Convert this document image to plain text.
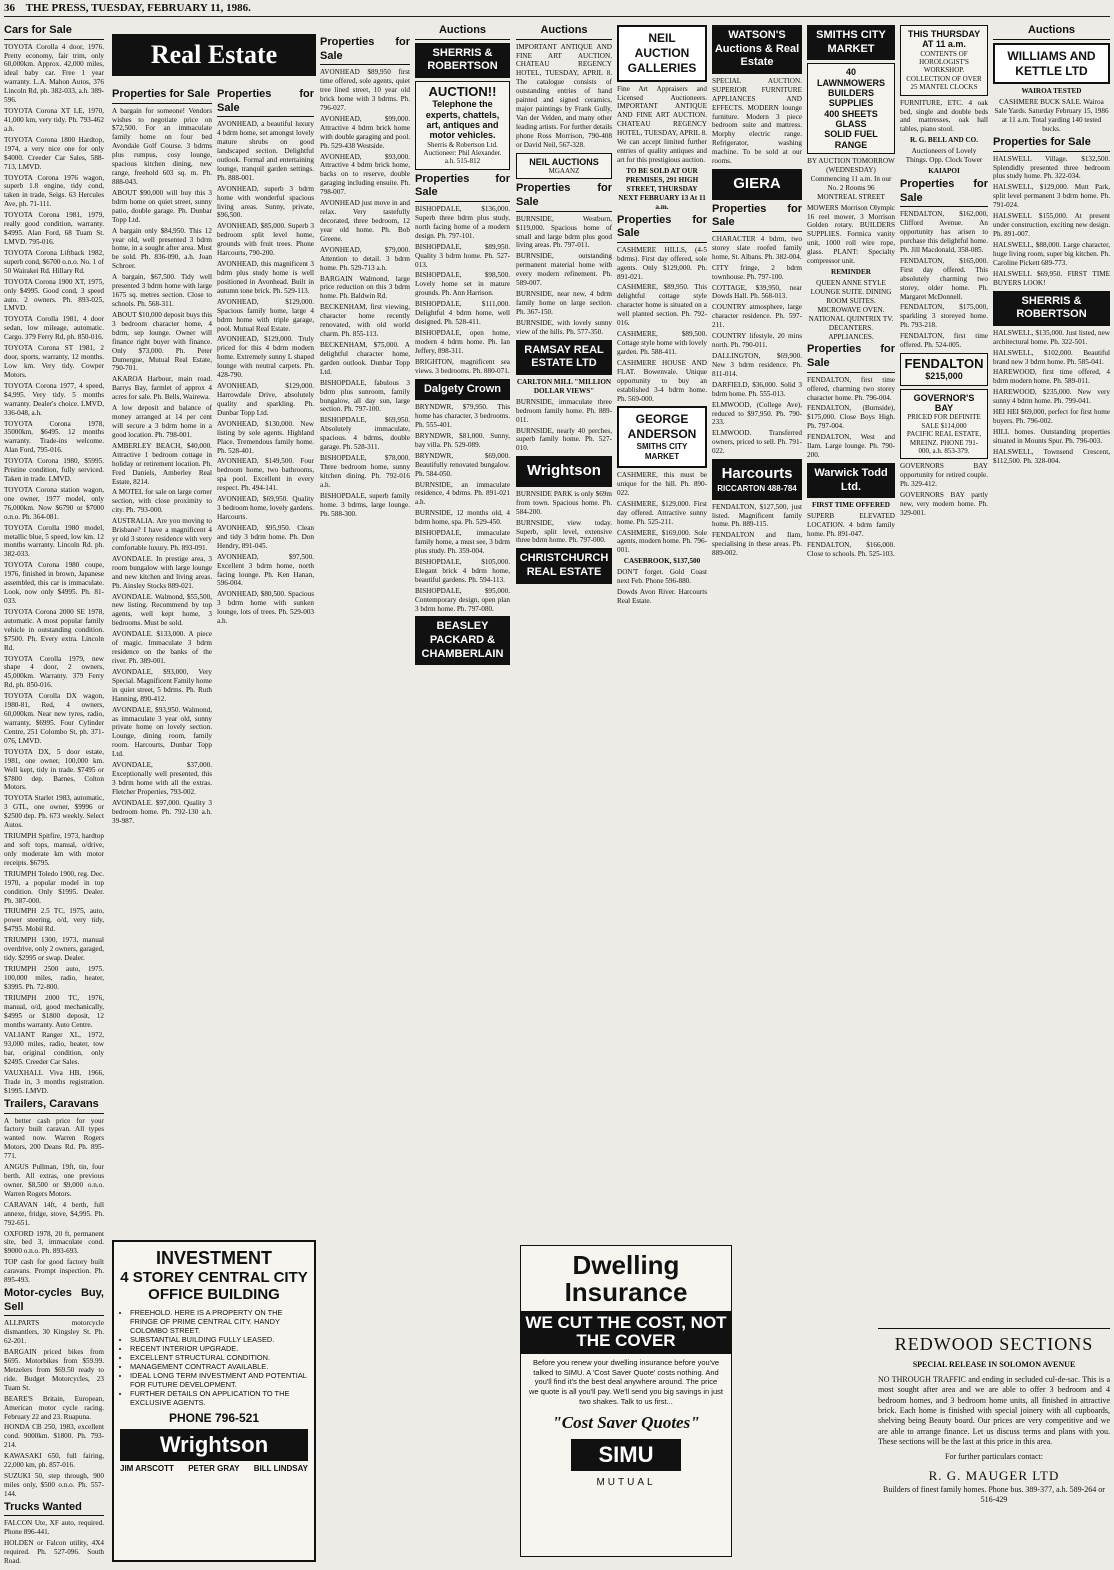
36 THE PRESS, TUESDAY, FEBRUARY 11, 1986.
Cars for Sale
TOYOTA Corolla 4 door, 1976. Pretty economy, fair trim, only 60,000km. Approx. 42,000 miles, ideal baby car. Free 1 year warranty. L.A. Mahon Autos, 376 Lincoln Rd, ph. 382-033, a.h. 389-596.
TOYOTA Corona XT LE, 1970, 41,000 km, very tidy. Ph. 793-462 a.h.
TOYOTA Corona 1800 Hardtop, 1974, a very nice one for only $4000. Creeder Car Sales, 588-713, LMVD.
TOYOTA Corona 1976 wagon, superb 1.8 engine, tidy cond, taken in trade, Seigs. 63 Hercules Ave, ph. 71-111.
TOYOTA Corona 1981, 1979, really good condition, warranty. $4995. Alan Ford, 68 Tuam St. LMVD. 795-016.
TOYOTA Corona Liftback 1982, superb cond, $6700 o.n.o. No. 1 of 50 Wairakei Rd. Hillary Rd.
TOYOTA Corona 1900 XT, 1975, only $4995. Good cond, 3 speed auto. 2 owners. Ph. 893-025, LMVD.
TOYOTA Corolla 1981, 4 door sedan, low mileage, automatic. Cargo. 379 Ferry Rd, ph. 850-016.
TOYOTA Corona ST 1981, 2 door, sports, warranty, 12 months. Low km. Very tidy. Cowper Motors.
TOYOTA Corona 1977, 4 speed, $4,995. Very tidy. 5 months warranty. Dealer's choice. LMVD, 336-048, a.h.
TOYOTA Corona 1978, 35000km, $6495. 12 months warranty. Trade-ins welcome. Alan Ford, 795-016.
TOYOTA Corona 1980, $5995. Pristine condition, fully serviced. Taken in trade. LMVD.
TOYOTA Corona station wagon, one owner, 1977 model, only 76,000km. Now $6790 or $7000 o.n.o. Ph. 364-081.
TOYOTA Corolla 1980 model, metallic blue, 5 speed, low km. 12 months warranty. Lincoln Rd. ph. 382-033.
TOYOTA Corona 1980 coupe, 1976, finished in brown, Japanese assembled, this car is immaculate. Look, now only $4995. Ph. 81-033.
TOYOTA Corona 2000 SE 1978, automatic. A most popular family vehicle in outstanding condition. $7500. Ph. Every extra. Lincoln Rd.
TOYOTA Corolla 1979, new shape 4 door, 2 owners, 45,000km. Warranty. 379 Ferry Rd, ph. 850-016.
TOYOTA Corolla DX wagon, 1980-81, Red, 4 owners, 60,000km. Near new tyres, radio, warranty, $6995. Four Cylinder Centre, 251 Colombo St, ph. 371-076, LMVD.
TOYOTA DX, 5 door estate, 1981, one owner, 100,000 km. Well kept, tidy in trade. $7495 or $7800 dep. Barnes, Colton Motors.
TOYOTA Starlet 1983, automatic, 3 GTL, one owner, $9996 or $2500 dep. Ph. 673 weekly. Select Autos.
TRIUMPH Spitfire, 1973, hardtop and soft tops, manual, o/drive, only moderate km with motor receipts. $6795.
TRIUMPH Toledo 1900, reg. Dec. 1970, a popular model in top condition. Only $1995. Dealer. Ph. 387-000.
TRIUMPH 2.5 TC, 1975, auto, power steering, o/d, very tidy, $4795. Mobil Rd.
TRIUMPH 1300, 1973, manual overdrive, only 2 owners, garaged, tidy. $2995 or swap. Dealer.
TRIUMPH 2500 auto, 1975. 100,000 miles, radio, heater, $3995. Ph. 72-800.
TRIUMPH 2000 TC, 1976, manual, o/d, good mechanically, $4995 or $1800 deposit, 12 months warranty. Auto Centre.
VALIANT Ranger XL, 1972, 93,000 miles, radio, heater, tow bar, original condition, only $2495. Creeder Car Sales.
VAUXHALL Viva HB, 1966, Trade in, 3 months registration. $1995. LMVD.
Trailers, Caravans
A better cash price for your factory built caravan. All types wanted now. Warren Rogers Motors, 200 Deans Rd. Ph. 895-771.
ANGUS Pullman, 19ft, tin, four berth. All extras, one previous owner. $8,500 or $9,000 o.n.o. Warren Rogers Motors.
CARAVAN 14ft, 4 berth, full annexe, fridge, stove, $4,995. Ph. 792-651.
OXFORD 1978, 20 ft, permanent site, bed 3, immaculate cond. $9000 o.n.o. Ph. 893-693.
TOP cash for good factory built caravans. Prompt inspection. Ph. 895-493.
Motor-cycles Buy, Sell
ALLPARTS motorcycle dismantlers, 30 Kingsley St. Ph. 62-201.
BARGAIN priced bikes from $695. Motorbikes from $59.99. Metzelers from $69.50 ready to ride. Budget Motorcycles, 23 Tuam St.
BEARE'S Britain, European, American motor cycle racing. February 22 and 23. Ruapuna.
HONDA CB 250, 1983, excellent cond. 9000km. $1800. Ph. 793-214.
KAWASAKI 650, full fairing, 22,000 km, ph. 857-016.
SUZUKI 50, step through, 900 miles only, $500 o.n.o. Ph. 557-144.
Trucks Wanted
FALCON Ute, XF auto, required. Phone 896-441.
HOLDEN or Falcon utility, 4X4 required. Ph. 527-096. South Road.
Real Estate
Properties for Sale
A bargain for someone! Vendors wishes to negotiate price on $72,500. For an immaculate family home on four bed Avondale Golf Course. 3 bdrms plus rumpus, cosy lounge, spacious kitchen dining, new range, freehold 603 sq. m. Ph. 888-043.
ABOUT $90,000 will buy this 3 bdrm home on quiet street, sunny patio, double garage. Ph. Dunbar Topp Ltd.
A bargain only $84,950. This 12 year old, well presented 3 bdrm home, in a sought after area. Must be sold. Ph. 836-090, a.h. Joan Schroer.
A bargain, $67,500. Tidy well presented 3 bdrm home with large 1675 sq. metres section. Close to schools. Ph. 568-311.
ABOUT $10,000 deposit buys this 3 bedroom character home, 4 bdrm, sep lounge. Owner will finance right buyer with finance. Only $73,000. Ph. Peter Dumergue, Mutual Real Estate, 790-701.
AKAROA Harbour, main road. Barrys Bay, farmlet of approx 4 acres for sale. Ph. Bells, Wairewa.
A low deposit and balance of money arranged at 14 per cent will secure a 3 bdrm home in a good location. Ph. 798-001.
AMBERLEY BEACH, $40,000. Attractive 1 bedroom cottage in holiday or retirement location. Ph. Fred Daniels, Amberley Real Estate, 8214.
A MOTEL for sale on large corner section, with close proximity to city. Ph. 793-000.
AUSTRALIA. Are you moving to Brisbane? I have a magnificent 4 yr old 3 storey residence with very comfortable luxury. Ph. 893-091.
AVONDALE. In prestige area, 3 room bungalow with large lounge and new kitchen and living areas. Ph. Ainsley Stocks 889-021.
AVONDALE. Walmond, $55,500, new listing. Recommend by top agents, well kept home, 3 bedrooms. Must be sold.
AVONDALE. $133,000. A piece of magic. Immaculate 3 bdrm residence on the banks of the river. Ph. 389-001.
AVONDALE, $93,000, Very Special. Magnificent Family home in quiet street, 5 bdrms. Ph. Ruth Hanning, 890-412.
AVONDALE, $93,950. Walmond, as immaculate 3 year old, sunny private home on lovely section. Lounge, dining room, family room. Harcourts, Dunbar Topp Ltd.
AVONDALE, $37,000. Exceptionally well presented, this 3 bdrm home with all the extras. Fletcher Properties, 793-002.
AVONDALE. $97,000. Quality 3 bedroom home. Ph. 792-130 a.h. 39-987.
Properties for Sale
AVONHEAD, a beautiful luxury 4 bdrm home, set amongst lovely mature shrubs on good landscaped section. Delightful outlook. Formal and entertaining lounge, tranquil garden settings. Ph. 888-001.
AVONHEAD, superb 3 bdrm home with wonderful spacious living areas. Sunny, private, $96,500.
AVONHEAD, $85,000. Superb 3 bedroom split level home, grounds with fruit trees. Phone Harcourts, 790-200.
AVONHEAD, this magnificent 3 bdrm plus study home is well positioned in Avonhead. Built in autumn tone brick. Ph. 529-113.
AVONHEAD, $129,000. Spacious family home, large 4 bdrm home with triple garage, pool. Mutual Real Estate.
AVONHEAD, $129,000. Truly priced for this 4 bdrm modern home. Extremely sunny L shaped lounge with neutral carpets. Ph. 428-790.
AVONHEAD, $129,000. Harrowdale Drive, absolutely quality and sparkling. Ph. Dunbar Topp Ltd.
AVONHEAD, $130,000. New listing by sole agents. Highland Place. Tremendous family home. Ph. 528-401.
AVONHEAD, $149,500. Four bedroom home, two bathrooms, spa pool. Excellent in every respect. Ph. 494-141.
AVONHEAD, $69,950. Quality 3 bedroom home, lovely gardens. Harcourts.
AVONHEAD, $95,950. Clean and tidy 3 bdrm home. Ph. Don Hendry, 891-045.
AVONHEAD, $97,500. Excellent 3 bdrm home, north facing lounge. Ph. Ken Hanan, 596-004.
AVONHEAD, $80,500. Spacious 3 bdrm home with sunken lounge, lots of trees. Ph. 529-003 a.h.
INVESTMENT
4 STOREY CENTRAL CITY OFFICE BUILDING
• FREEHOLD. HERE IS A PROPERTY ON THE FRINGE OF PRIME CENTRAL CITY. HANDY COLOMBO STREET.
• SUBSTANTIAL BUILDING FULLY LEASED.
• RECENT INTERIOR UPGRADE.
• EXCELLENT STRUCTURAL CONDITION.
• MANAGEMENT CONTRACT AVAILABLE.
• IDEAL LONG TERM INVESTMENT AND POTENTIAL FOR FUTURE DEVELOPMENT.
• FURTHER DETAILS ON APPLICATION TO THE EXCLUSIVE AGENTS.
PHONE 796-521
Wrightson
JIM ARSCOTT PETER GRAY BILL LINDSAY
Properties for Sale
AVONHEAD $89,950 first time offered, sole agents, quiet tree lined street, 10 year old brick home with 3 bdrms. Ph. 796-027.
AVONHEAD, $99,000. Attractive 4 bdrm brick home with double garaging and pool. Ph. 529-438 Westside.
AVONHEAD, $93,000. Attractive 4 bdrm brick home, backs on to reserve, double garaging including ensuite. Ph. 798-007.
AVONHEAD just move in and relax. Very tastefully decorated, three bedroom, 12 year old home. Ph. Bob Greene.
AVONHEAD, $79,000. Attention to detail. 3 bdrm home. Ph. 529-713 a.h.
BARGAIN Walmond, large price reduction on this 3 bdrm home. Ph. Baldwin Rd.
BECKENHAM, first viewing, character home recently renovated, with old world charm. Ph. 855-113.
BECKENHAM, $75,000. A delightful character home, garden outlook. Dunbar Topp Ltd.
BISHOPDALE, fabulous 3 bdrm plus sunroom, family bungalow, all day sun, large section. Ph. 797-100.
BISHOPDALE, $69,950. Absolutely immaculate, spacious. 4 bdrms, double garage. Ph. 528-311.
BISHOPDALE, $78,000. Three bedroom home, sunny kitchen dining. Ph. 792-016 a.h.
BISHOPDALE, superb family home. 3 bdrms, large lounge. Ph. 588-300.
Auctions
SHERRIS & ROBERTSON
AUCTION!!
Telephone the experts, chattels, art, antiques and motor vehicles.
Sherris & Robertson Ltd. Auctioneer: Phil Alexander. a.h. 515-812
Properties for Sale
BISHOPDALE, $136,000. Superb three bdrm plus study, north facing home of a modern design. Ph. 797-101.
BISHOPDALE, $89,950. Quality 3 bdrm home. Ph. 527-013.
BISHOPDALE, $98,500. Lovely home set in mature grounds. Ph. Ann Harrison.
BISHOPDALE, $111,000. Delightful 4 bdrm home, well designed. Ph. 528-411.
BISHOPDALE, open home, modern 4 bdrm home. Ph. Ian Jeffery, 898-311.
BRIGHTON, magnificent sea views. 3 bedrooms. Ph. 880-071.
Dalgety Crown
BRYNDWR, $79,950. This home has character, 3 bedrooms. Ph. 555-401.
BRYNDWR, $81,000. Sunny, bay villa. Ph. 529-089.
BRYNDWR, $69,000. Beautifully renovated bungalow. Ph. 584-050.
BURNSIDE, an immaculate residence, 4 bdrms. Ph. 891-021 a.h.
BURNSIDE, 12 months old, 4 bdrm home, spa. Ph. 529-450.
BISHOPDALE, immaculate family home, a must see, 3 bdrm plus study. Ph. 359-004.
BISHOPDALE, $105,000. Elegant brick 4 bdrm home, beautiful gardens. Ph. 594-113.
BISHOPDALE, $95,000. Contemporary design, open plan 3 bdrm home. Ph. 797-080.
BEASLEY PACKARD & CHAMBERLAIN
Auctions
IMPORTANT ANTIQUE AND FINE ART AUCTION. CHATEAU REGENCY HOTEL, TUESDAY, APRIL 8. The catalogue consists of outstanding entries of hand painted and signed ceramics, major paintings by Frank Gully, Van der Velden, and many other leading artists. For further details phone Ross Morrison, 790-408 or David Neil, 567-328.
NEIL AUCTIONS
MGAANZ
Properties for Sale
BURNSIDE, Westburn, $119,000. Spacious home of small and large bdrm plus good living areas. Ph. 797-011.
BURNSIDE, outstanding permanent material home with every modern refinement. Ph. 589-007.
BURNSIDE, near new, 4 bdrm family home on large section. Ph. 367-150.
BURNSIDE, with lovely sunny view of the hills. Ph. 577-350.
RAMSAY REAL ESTATE LTD
CARLTON MILL "MILLION DOLLAR VIEWS"
BURNSIDE, immaculate three bedroom family home. Ph. 889-011.
BURNSIDE, nearly 40 perches, superb family home. Ph. 527-010.
Wrightson
BURNSIDE PARK is only $69m from town. Spacious home. Ph. 584-200.
BURNSIDE, view today. Superb, split level, extensive three bdrm home. Ph. 797-000.
CHRISTCHURCH REAL ESTATE
NEIL AUCTION GALLERIES
Fine Art Appraisers and Licensed Auctioneers. IMPORTANT ANTIQUE AND FINE ART AUCTION. CHATEAU REGENCY HOTEL, TUESDAY, APRIL 8. We can accept limited further entries of quality antiques and art for this prestigious auction.
TO BE SOLD AT OUR PREMISES, 291 HIGH STREET, THURSDAY NEXT FEBRUARY 13 At 11 a.m.
Properties for Sale
CASHMERE HILLS, (4-5 bdrms). First day offered, sole agents. Only $129,000. Ph. 891-021.
CASHMERE, $89,950. This delightful cottage style character home is situated on a well planted section. Ph. 792-016.
CASHMERE, $89,500. Cottage style home with lovely garden. Ph. 588-411.
CASHMERE HOUSE AND FLAT. Bowenvale. Unique opportunity to buy an established 3-4 bdrm home. Ph. 569-000.
GEORGE ANDERSON
SMITHS CITY MARKET
CASHMERE, this must be unique for the hill. Ph. 890-022.
CASHMERE, $129,000. First day offered. Attractive sunny home. Ph. 525-211.
CASHMERE, $169,000. Sole agents, modern home. Ph. 796-001.
CASEBROOK, $137,500
DON'T forget. Gold Coast next Feb. Phone 596-880.
Dowds Avon River. Harcourts Real Estate.
WATSON'S Auctions & Real Estate
SPECIAL AUCTION. SUPERIOR FURNITURE APPLIANCES AND EFFECTS. MODERN lounge furniture. Modern 3 piece bedroom suite and mattress. Morphy electric range. Refrigerator, washing machine. To be sold at our rooms.
GIERA
Properties for Sale
CHARACTER 4 bdrm, two storey slate roofed family home, St. Albans. Ph. 382-004.
CITY fringe, 2 bdrm townhouse. Ph. 797-100.
COTTAGE, $39,950, near Dowds Hall. Ph. 568-013.
COUNTRY atmosphere, large character residence. Ph. 597-211.
COUNTRY lifestyle, 20 mins north. Ph. 790-011.
DALLINGTON, $69,900. New 3 bdrm residence. Ph. 811-014.
DARFIELD, $36,000. Solid 3 bdrm home. Ph. 555-013.
ELMWOOD, (College Ave), reduced to $97,950. Ph. 790-233.
ELMWOOD. Transferred owners, priced to sell. Ph. 791-022.
Harcourts
RICCARTON 488-784
FENDALTON, $127,500, just listed. Magnificent family home. Ph. 889-115.
FENDALTON and Ilam, specialising in these areas. Ph. 889-002.
SMITHS CITY MARKET
40 LAWNMOWERS
BUILDERS SUPPLIES
400 SHEETS GLASS
SOLID FUEL RANGE
BY AUCTION TOMORROW (WEDNESDAY) Commencing 11 a.m. In our No. 2 Rooms 96 MONTREAL STREET
MOWERS Morrison Olympic 16 reel mower, 3 Morrison Golden rotary. BUILDERS SUPPLIES. Formica vanity unit, 1000 roll wire rope, glass. PLANT: Specialty compressor unit.
REMINDER
QUEEN ANNE STYLE LOUNGE SUITE. DINING ROOM SUITES. MICROWAVE OVEN. NATIONAL QUINTRIX TV. DECANTERS. APPLIANCES.
Properties for Sale
FENDALTON, first time offered, charming two storey character home. Ph. 796-004.
FENDALTON, (Burnside), $175,000. Close Boys High. Ph. 797-004.
FENDALTON, West and Ilam. Large lounge. Ph. 790-200.
Warwick Todd Ltd.
FIRST TIME OFFERED
SUPERB ELEVATED LOCATION. 4 bdrm family home. Ph. 891-047.
FENDALTON, $166,000. Close to schools. Ph. 525-103.
THIS THURSDAY AT 11 a.m.
CONTENTS OF HOROLOGIST'S WORKSHOP. COLLECTION OF OVER 25 MANTEL CLOCKS
FURNITURE, ETC. 4 oak bed, single and double beds and mattresses, oak hall tables, piano stool.
R. G. BELL AND CO.
Auctioneers of Lovely Things. Opp. Clock Tower
KAIAPOI
Properties for Sale
FENDALTON, $162,000, Clifford Avenue. An opportunity has arisen to purchase this delightful home. Ph. Jill Macdonald, 358-085.
FENDALTON, $165,000. First day offered. This absolutely charming two storey, older home. Ph. Margaret McDonnell.
FENDALTON, $175,000, sparkling 3 storeyed home. Ph. 793-218.
FENDALTON, first time offered. Ph. 524-005.
FENDALTON
$215,000
GOVERNOR'S BAY
PRICED FOR DEFINITE SALE $114,000
PACIFIC REAL ESTATE, MREINZ. PHONE 791-000, a.h. 853-379.
GOVERNORS BAY opportunity for retired couple. Ph. 329-412.
GOVERNORS BAY partly new, very modern home. Ph. 329-001.
Auctions
WILLIAMS AND KETTLE LTD
WAIROA TESTED
CASHMERE BUCK SALE. Wairoa Sale Yards. Saturday February 15, 1986 at 11 a.m. Total yarding 140 tested bucks.
Properties for Sale
HALSWELL Village. $132,500. Splendidly presented three bedroom plus study home. Ph. 322-034.
HALSWELL, $129,000. Mutt Park, split level permanent 3 bdrm home. Ph. 791-024.
HALSWELL $155,000. At present under construction, exciting new design. Ph. 891-007.
HALSWELL, $88,000. Large character, huge living room, super big kitchen. Ph. Caroline Pickett 689-773.
HALSWELL $69,950. FIRST TIME BUYERS LOOK!
SHERRIS & ROBERTSON
HALSWELL, $135,000. Just listed, new architectural home. Ph. 322-501.
HALSWELL, $102,000. Beautiful brand new 3 bdrm home. Ph. 585-041.
HAREWOOD, first time offered, 4 bdrm modern home. Ph. 589-011.
HAREWOOD, $235,000. New very sunny 4 bdrm home. Ph. 799-041.
HEI HEI $69,000, perfect for first home buyers. Ph. 796-002.
HILL homes. Outstanding properties situated in Mounts Spur. Ph. 796-003.
HALSWELL, Townsend Crescent, $112,500. Ph. 328-004.
Dwelling Insurance
WE CUT THE COST, NOT THE COVER
Before you renew your dwelling insurance before you've talked to SIMU. A 'Cost Saver Quote' costs nothing. And you'll find it's the best deal anywhere around. The price we quote is all you'll pay. We'll send you big savings in just two shakes. Talk to us first...
"Cost Saver Quotes"
SIMU
MUTUAL
REDWOOD SECTIONS
SPECIAL RELEASE IN SOLOMON AVENUE
NO THROUGH TRAFFIC and ending in secluded cul-de-sac. This is a most sought after area and we are able to offer 3 bedroom and 4 bedroom homes, and 3 bedroom home units, all finished in attractive brick. Each home is finished with special joinery with all cupboards, shelving being Beauty board. Our prices are very competitive and we are able to arrange finance. Let us discuss terms and plans with you. These sections will be the last at this price in this area.
For further particulars contact:
R. G. MAUGER LTD
Builders of finest family homes. Phone bus. 389-377, a.h. 589-264 or 516-429
